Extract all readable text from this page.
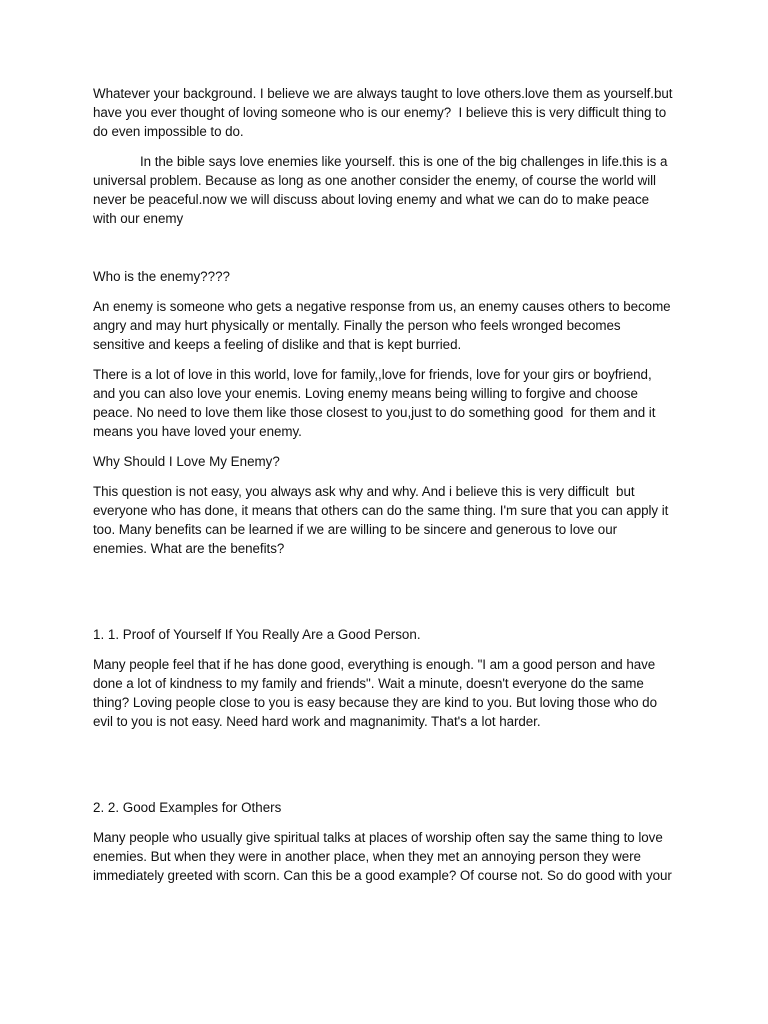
Whatever your background. I believe we are always taught to love others.love them as yourself.but have you ever thought of loving someone who is our enemy?  I believe this is very difficult thing to do even impossible to do.

In the bible says love enemies like yourself. this is one of the big challenges in life.this is a universal problem. Because as long as one another consider the enemy, of course the world will never be peaceful.now we will discuss about loving enemy and what we can do to make peace with our enemy

Who is the enemy????

An enemy is someone who gets a negative response from us, an enemy causes others to become angry and may hurt physically or mentally. Finally the person who feels wronged becomes sensitive and keeps a feeling of dislike and that is kept burried.

There is a lot of love in this world, love for family,,love for friends, love for your girs or boyfriend, and you can also love your enemis. Loving enemy means being willing to forgive and choose peace. No need to love them like those closest to you,just to do something good  for them and it  means you have loved your enemy.

Why Should I Love My Enemy?

This question is not easy, you always ask why and why. And i believe this is very difficult  but everyone who has done, it means that others can do the same thing. I'm sure that you can apply it too. Many benefits can be learned if we are willing to be sincere and generous to love our enemies. What are the benefits?

1. 1. Proof of Yourself If You Really Are a Good Person.

Many people feel that if he has done good, everything is enough. "I am a good person and have done a lot of kindness to my family and friends". Wait a minute, doesn't everyone do the same thing? Loving people close to you is easy because they are kind to you. But loving those who do evil to you is not easy. Need hard work and magnanimity. That's a lot harder.

2. 2. Good Examples for Others

Many people who usually give spiritual talks at places of worship often say the same thing to love enemies. But when they were in another place, when they met an annoying person they were immediately greeted with scorn. Can this be a good example? Of course not. So do good with your
